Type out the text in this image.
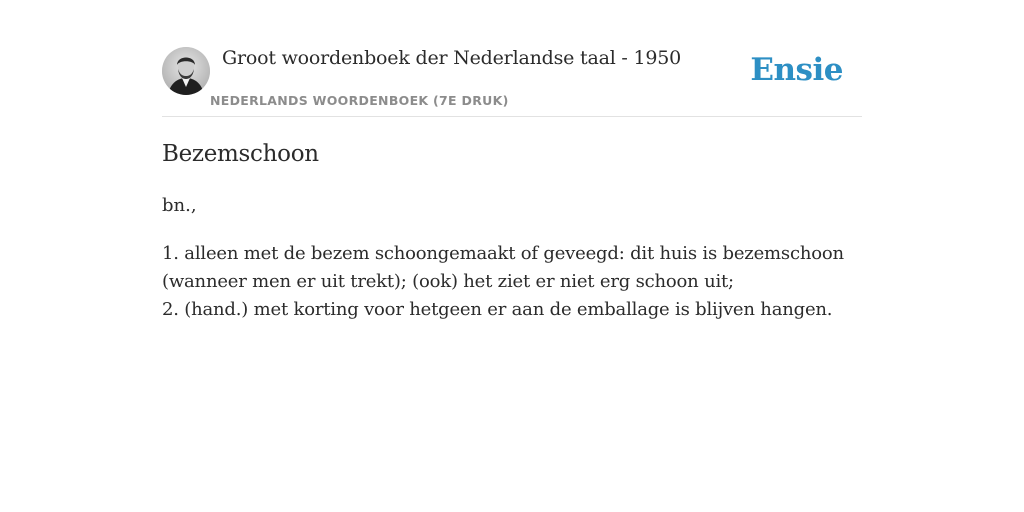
Groot woordenboek der Nederlandse taal - 1950
NEDERLANDS WOORDENBOEK (7E DRUK)
Ensie
Bezemschoon
bn.,
1. alleen met de bezem schoongemaakt of geveegd: dit huis is bezemschoon
(wanneer men er uit trekt); (ook) het ziet er niet erg schoon uit;
2. (hand.) met korting voor hetgeen er aan de emballage is blijven hangen.
